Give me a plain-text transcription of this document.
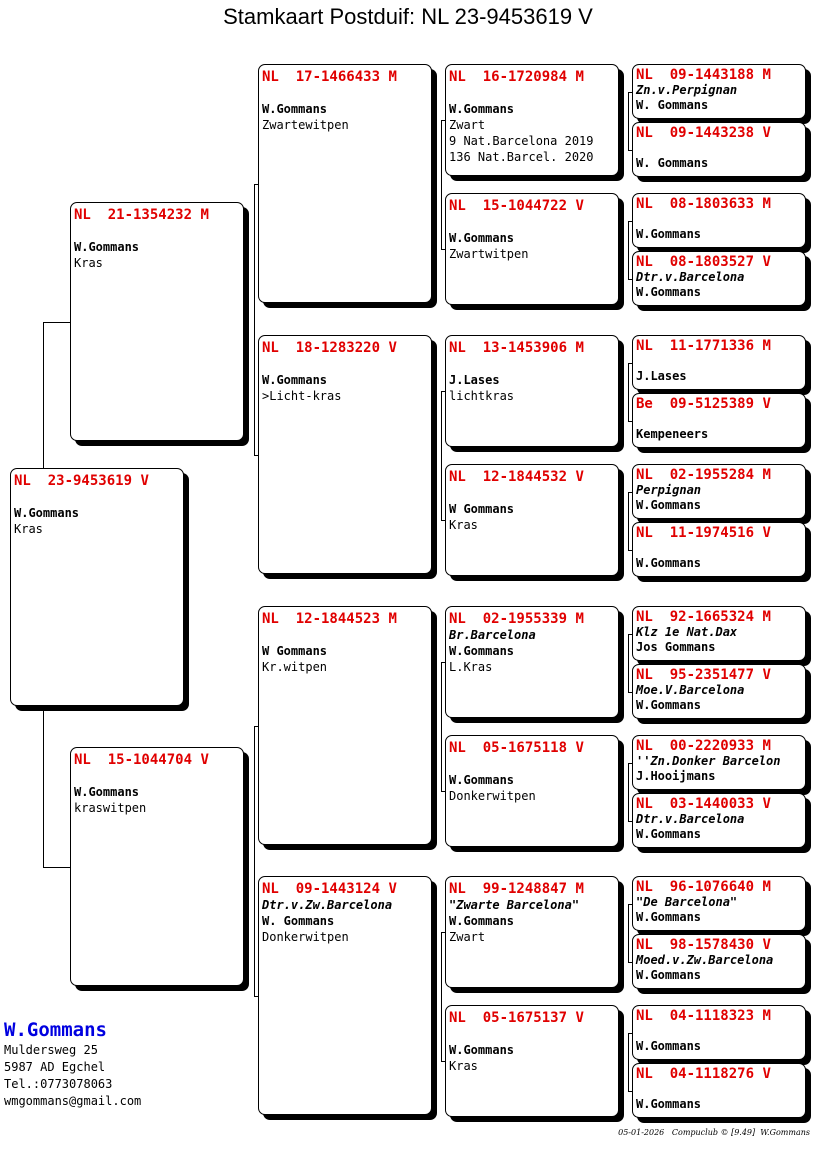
Stamkaart Postduif: NL 23-9453619 V
NL 23-9453619 V
W.Gommans
Kras
NL 21-1354232 M
W.Gommans
Kras
NL 15-1044704 V
W.Gommans
kraswitpen
NL 17-1466433 M
W.Gommans
Zwartewitpen
NL 18-1283220 V
W.Gommans
>Licht-kras
NL 12-1844523 M
W Gommans
Kr.witpen
NL 09-1443124 V
Dtr.v.Zw.Barcelona
W. Gommans
Donkerwitpen
NL 16-1720984 M
W.Gommans
Zwart
9 Nat.Barcelona 2019
136 Nat.Barcel. 2020
NL 15-1044722 V
W.Gommans
Zwartwitpen
NL 13-1453906 M
J.Lases
lichtkras
NL 12-1844532 V
W Gommans
Kras
NL 02-1955339 M
Br.Barcelona
W.Gommans
L.Kras
NL 05-1675118 V
W.Gommans
Donkerwitpen
NL 99-1248847 M
"Zwarte Barcelona"
W.Gommans
Zwart
NL 05-1675137 V
W.Gommans
Kras
NL 09-1443188 M
Zn.v.Perpignan
W. Gommans
NL 09-1443238 V
W. Gommans
NL 08-1803633 M
W.Gommans
NL 08-1803527 V
Dtr.v.Barcelona
W.Gommans
NL 11-1771336 M
J.Lases
Be 09-5125389 V
Kempeneers
NL 02-1955284 M
Perpignan
W.Gommans
NL 11-1974516 V
W.Gommans
NL 92-1665324 M
Klz 1e Nat.Dax
Jos Gommans
NL 95-2351477 V
Moe.V.Barcelona
W.Gommans
NL 00-2220933 M
''Zn.Donker Barcelon
J.Hooijmans
NL 03-1440033 V
Dtr.v.Barcelona
W.Gommans
NL 96-1076640 M
"De Barcelona"
W.Gommans
NL 98-1578430 V
Moed.v.Zw.Barcelona
W.Gommans
NL 04-1118323 M
W.Gommans
NL 04-1118276 V
W.Gommans
W.Gommans
Muldersweg 25
5987 AD Egchel
Tel.:0773078063
wmgommans@gmail.com
05-01-2026   Compuclub © [9.49]  W.Gommans
